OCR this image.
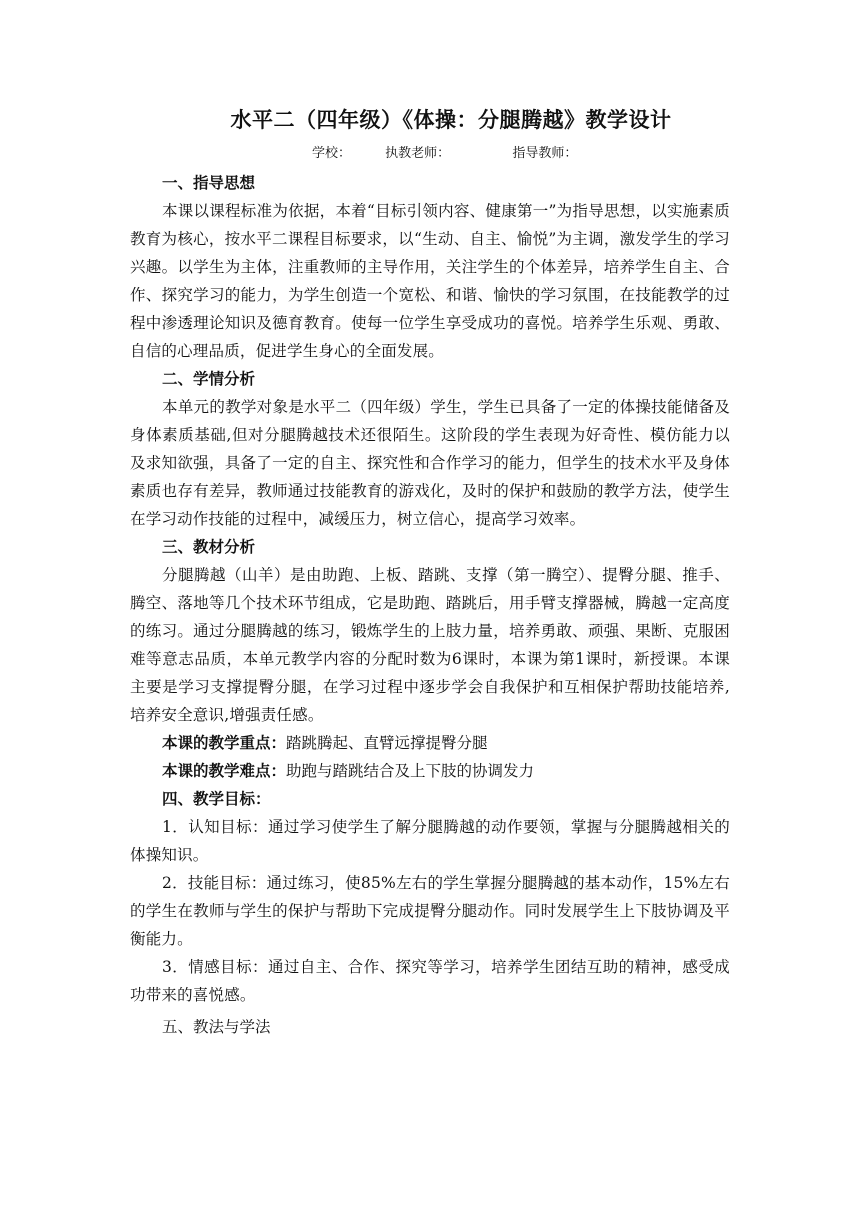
水平二（四年级）《体操：分腿腾越》教学设计
学校：	执教老师：	指导教师：

一、指导思想

本课以课程标准为依据，本着“目标引领内容、健康第一”为指导思想，以实施素质教育为核心，按水平二课程目标要求，以“生动、自主、愉悦”为主调，激发学生的学习兴趣。以学生为主体，注重教师的主导作用，关注学生的个体差异，培养学生自主、合作、探究学习的能力，为学生创造一个宽松、和谐、愉快的学习氛围，在技能教学的过程中渗透理论知识及德育教育。使每一位学生享受成功的喜悦。培养学生乐观、勇敢、自信的心理品质，促进学生身心的全面发展。

二、学情分析

本单元的教学对象是水平二（四年级）学生，学生已具备了一定的体操技能储备及身体素质基础,但对分腿腾越技术还很陌生。这阶段的学生表现为好奇性、模仿能力以及求知欲强，具备了一定的自主、探究性和合作学习的能力，但学生的技术水平及身体素质也存有差异，教师通过技能教育的游戏化，及时的保护和鼓励的教学方法，使学生在学习动作技能的过程中，减缓压力，树立信心，提高学习效率。

三、教材分析

分腿腾越（山羊）是由助跑、上板、踏跳、支撑（第一腾空）、提臀分腿、推手、腾空、落地等几个技术环节组成，它是助跑、踏跳后，用手臂支撑器械，腾越一定高度的练习。通过分腿腾越的练习，锻炼学生的上肢力量，培养勇敢、顽强、果断、克服困难等意志品质，本单元教学内容的分配时数为6课时，本课为第1课时，新授课。本课主要是学习支撑提臀分腿，在学习过程中逐步学会自我保护和互相保护帮助技能培养,培养安全意识,增强责任感。

本课的教学重点：踏跳腾起、直臂远撑提臀分腿

本课的教学难点：助跑与踏跳结合及上下肢的协调发力

四、教学目标：

1．认知目标：通过学习使学生了解分腿腾越的动作要领，掌握与分腿腾越相关的体操知识。

2．技能目标：通过练习，使85%左右的学生掌握分腿腾越的基本动作，15%左右的学生在教师与学生的保护与帮助下完成提臀分腿动作。同时发展学生上下肢协调及平衡能力。

3．情感目标：通过自主、合作、探究等学习，培养学生团结互助的精神，感受成功带来的喜悦感。

五、教法与学法
